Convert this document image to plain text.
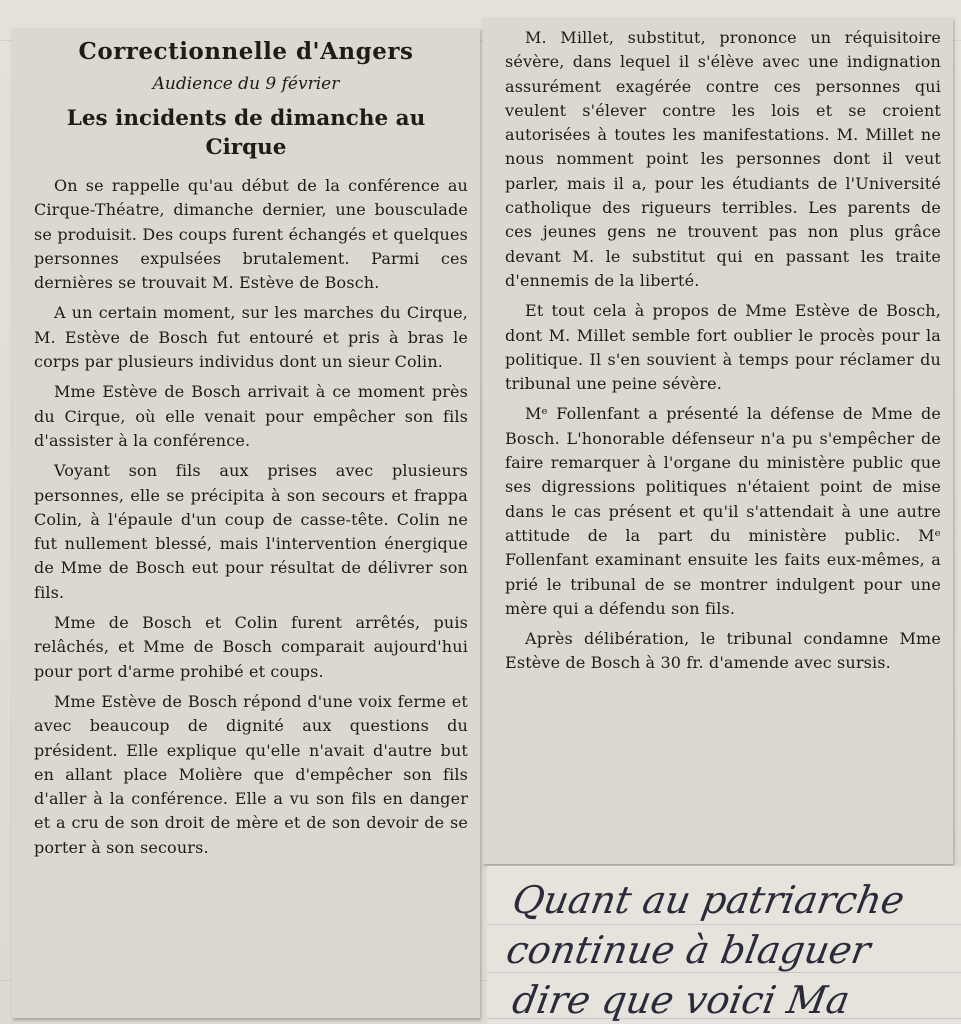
Correctionnelle d'Angers
Audience du 9 février
Les incidents de dimanche au Cirque

On se rappelle qu'au début de la conférence au Cirque-Théatre, dimanche dernier, une bousculade se produisit. Des coups furent échangés et quelques personnes expulsées brutalement. Parmi ces dernières se trouvait M. Estève de Bosch.

A un certain moment, sur les marches du Cirque, M. Estève de Bosch fut entouré et pris à bras le corps par plusieurs individus dont un sieur Colin.

Mme Estève de Bosch arrivait à ce moment près du Cirque, où elle venait pour empêcher son fils d'assister à la conférence.

Voyant son fils aux prises avec plusieurs personnes, elle se précipita à son secours et frappa Colin, à l'épaule d'un coup de casse-tête. Colin ne fut nullement blessé, mais l'intervention énergique de Mme de Bosch eut pour résultat de délivrer son fils.

Mme de Bosch et Colin furent arrêtés, puis relâchés, et Mme de Bosch comparait aujourd'hui pour port d'arme prohibé et coups.

Mme Estève de Bosch répond d'une voix ferme et avec beaucoup de dignité aux questions du président. Elle explique qu'elle n'avait d'autre but en allant place Molière que d'empêcher son fils d'aller à la conférence. Elle a vu son fils en danger et a cru de son droit de mère et de son devoir de se porter à son secours.

M. Millet, substitut, prononce un réquisitoire sévère, dans lequel il s'élève avec une indignation assurément exagérée contre ces personnes qui veulent s'élever contre les lois et se croient autorisées à toutes les manifestations. M. Millet ne nous nomment point les personnes dont il veut parler, mais il a, pour les étudiants de l'Université catholique des rigueurs terribles. Les parents de ces jeunes gens ne trouvent pas non plus grâce devant M. le substitut qui en passant les traite d'ennemis de la liberté.

Et tout cela à propos de Mme Estève de Bosch, dont M. Millet semble fort oublier le procès pour la politique. Il s'en souvient à temps pour réclamer du tribunal une peine sévère.

Mᵉ Follenfant a présenté la défense de Mme de Bosch. L'honorable défenseur n'a pu s'empêcher de faire remarquer à l'organe du ministère public que ses digressions politiques n'étaient point de mise dans le cas présent et qu'il s'attendait à une autre attitude de la part du ministère public. Mᵉ Follenfant examinant ensuite les faits eux-mêmes, a prié le tribunal de se montrer indulgent pour une mère qui a défendu son fils.

Après délibération, le tribunal condamne Mme Estève de Bosch à 30 fr. d'amende avec sursis.

Quant au patriarche
continue à blaguer
dire que voici Ma
